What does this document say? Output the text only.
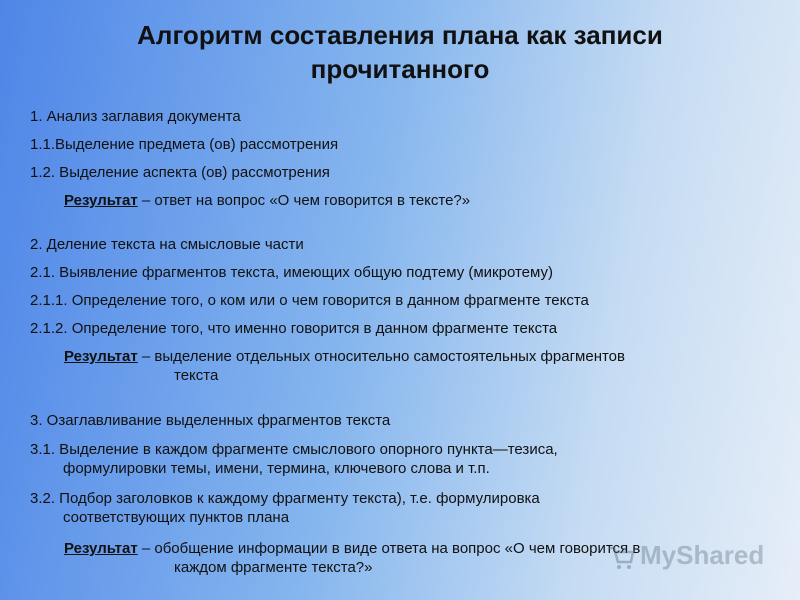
Алгоритм составления плана как записи
прочитанного
1. Анализ заглавия документа
1.1.Выделение предмета (ов) рассмотрения
1.2. Выделение аспекта (ов) рассмотрения
Результат – ответ на вопрос «О чем говорится в тексте?»
2. Деление текста на смысловые части
2.1. Выявление фрагментов текста, имеющих общую подтему (микротему)
2.1.1. Определение того, о ком или о чем говорится в данном фрагменте текста
2.1.2. Определение того, что именно говорится в данном фрагменте текста
Результат – выделение отдельных относительно самостоятельных фрагментов
текста
3. Озаглавливание выделенных фрагментов текста
3.1. Выделение в каждом фрагменте смыслового опорного пункта—тезиса,
формулировки темы, имени, термина, ключевого слова и т.п.
3.2. Подбор заголовков к каждому фрагменту текста), т.е. формулировка
соответствующих пунктов плана
Результат – обобщение информации в виде ответа на вопрос «О чем говорится в
каждом фрагменте текста?»	MyShared
